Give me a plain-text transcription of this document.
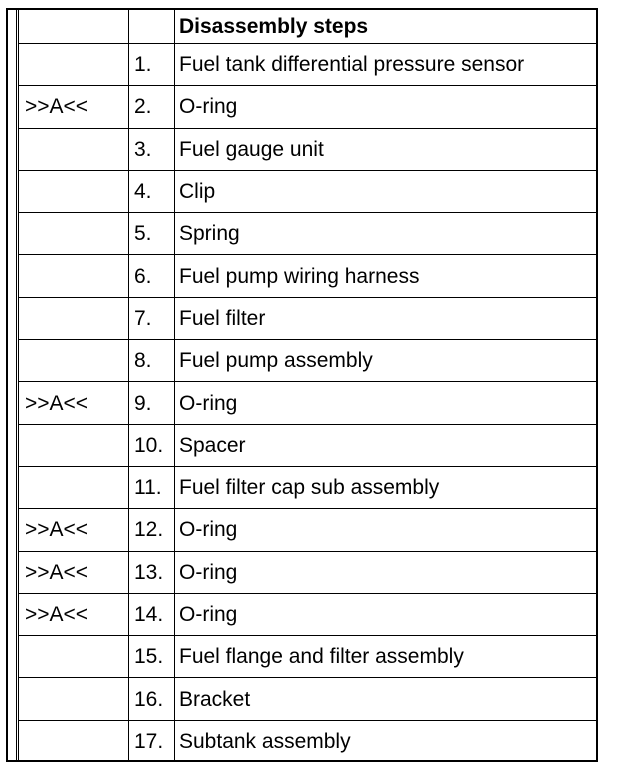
		Disassembly steps
	1.	Fuel tank differential pressure sensor
>>A<<	2.	O-ring
	3.	Fuel gauge unit
	4.	Clip
	5.	Spring
	6.	Fuel pump wiring harness
	7.	Fuel filter
	8.	Fuel pump assembly
>>A<<	9.	O-ring
	10.	Spacer
	11.	Fuel filter cap sub assembly
>>A<<	12.	O-ring
>>A<<	13.	O-ring
>>A<<	14.	O-ring
	15.	Fuel flange and filter assembly
	16.	Bracket
	17.	Subtank assembly
